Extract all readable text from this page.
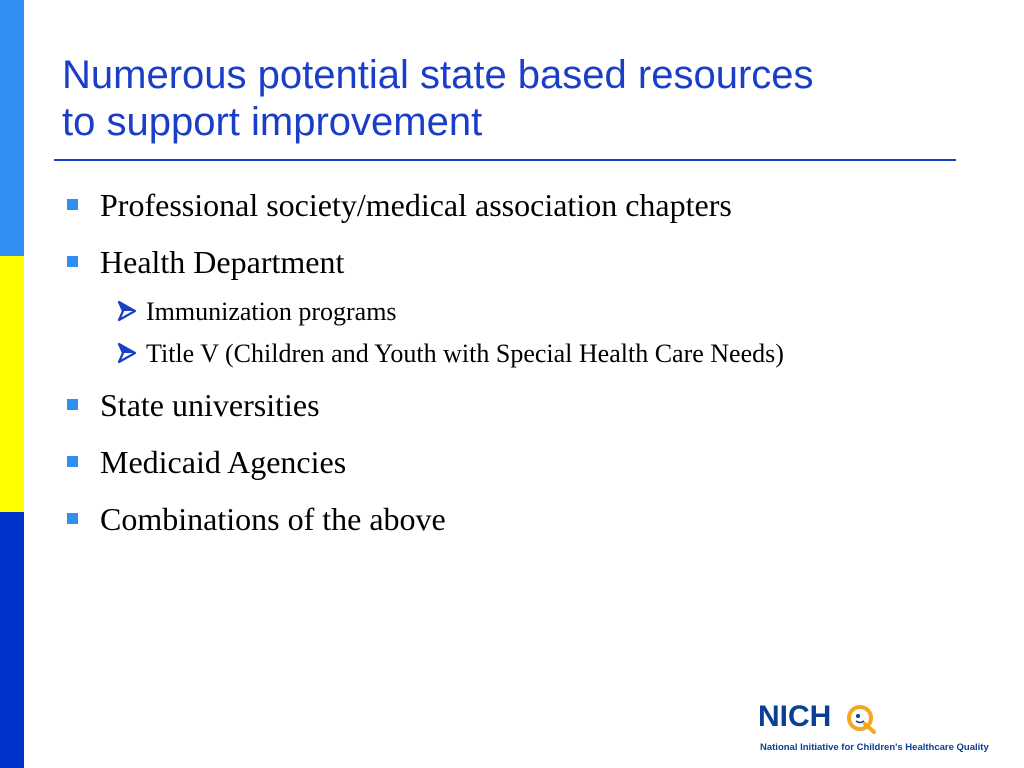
Numerous potential state based resources
to support improvement
Professional society/medical association chapters
Health Department
Immunization programs
Title V (Children and Youth with Special Health Care Needs)
State universities
Medicaid Agencies
Combinations of the above
NICH
National Initiative for Children's Healthcare Quality
